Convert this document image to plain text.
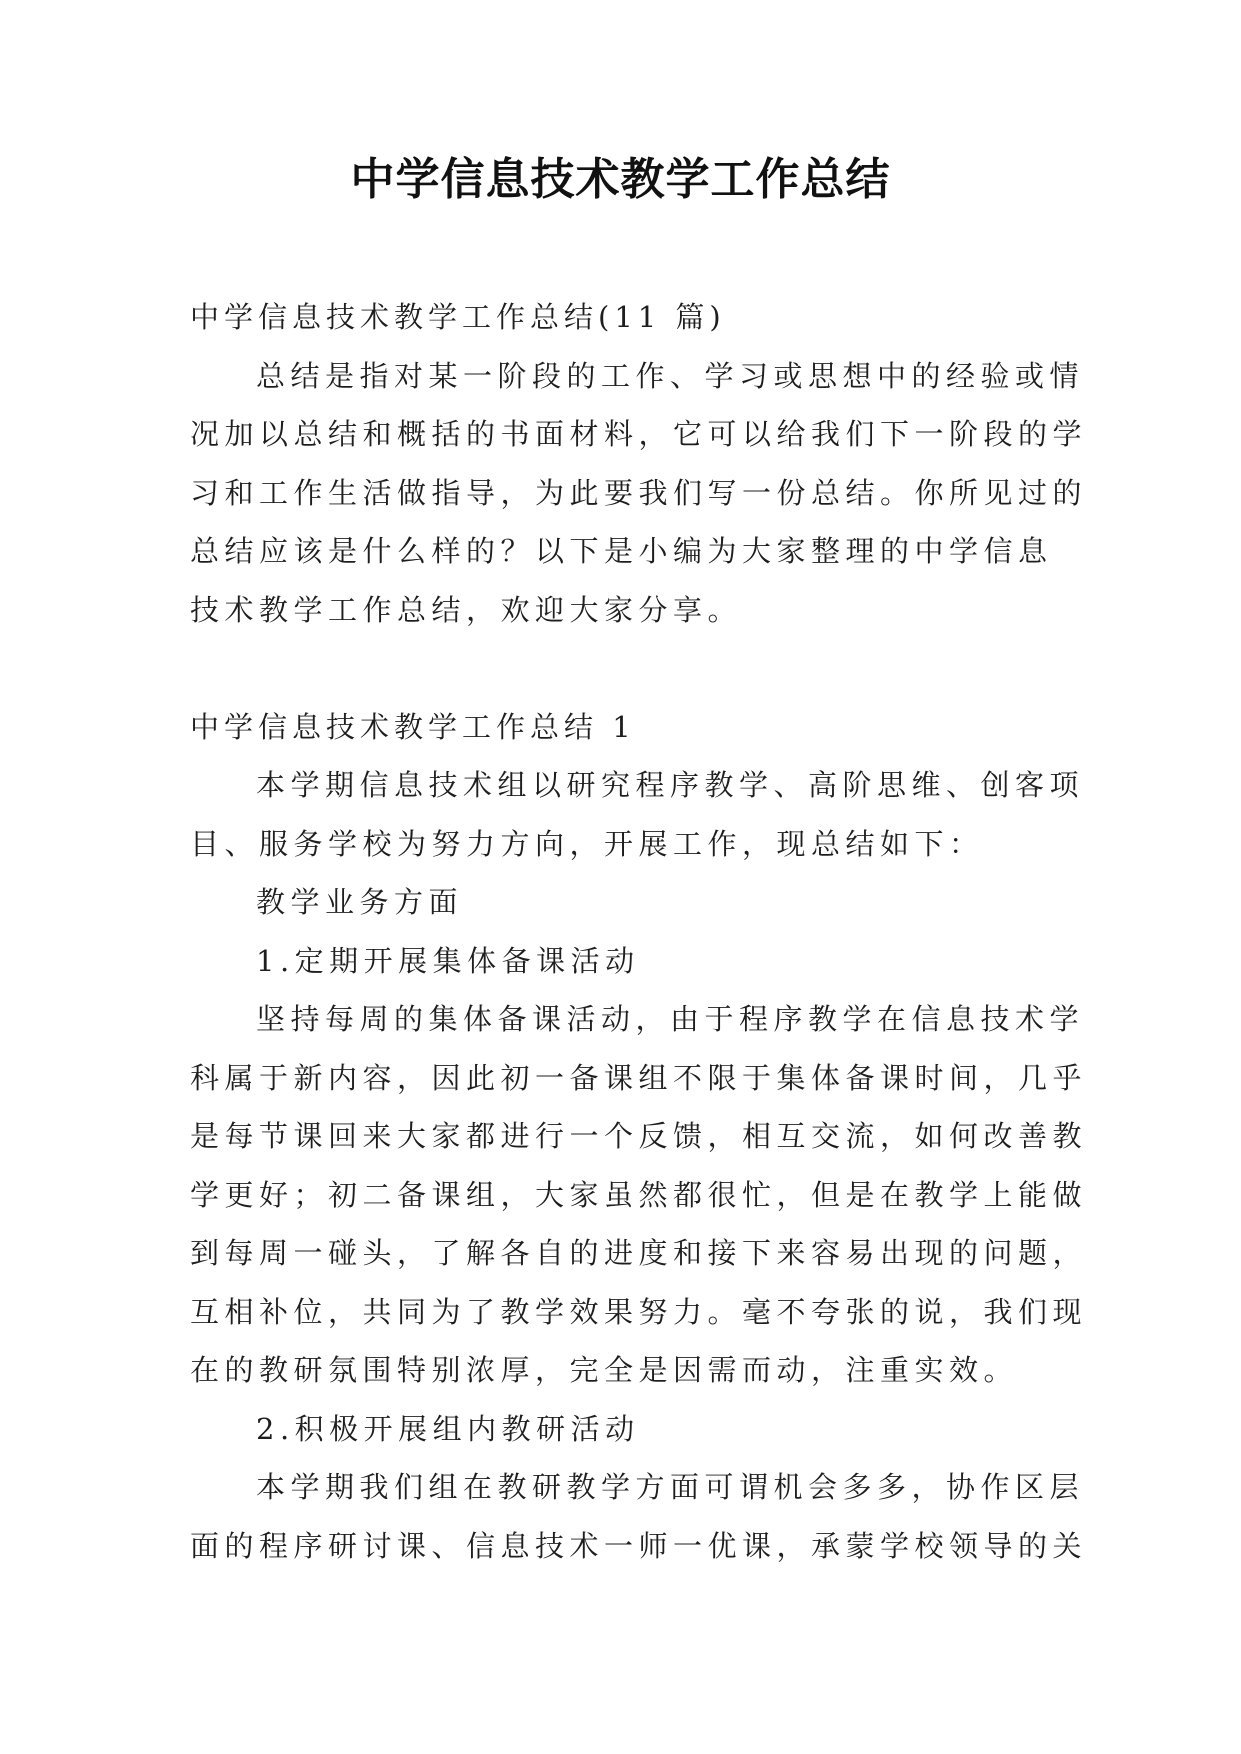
中学信息技术教学工作总结
中学信息技术教学工作总结(11 篇)
总结是指对某一阶段的工作、学习或思想中的经验或情
况加以总结和概括的书面材料，它可以给我们下一阶段的学
习和工作生活做指导，为此要我们写一份总结。你所见过的
总结应该是什么样的？以下是小编为大家整理的中学信息
技术教学工作总结，欢迎大家分享。
中学信息技术教学工作总结 1
本学期信息技术组以研究程序教学、高阶思维、创客项
目、服务学校为努力方向，开展工作，现总结如下：
教学业务方面
1.定期开展集体备课活动
坚持每周的集体备课活动，由于程序教学在信息技术学
科属于新内容，因此初一备课组不限于集体备课时间，几乎
是每节课回来大家都进行一个反馈，相互交流，如何改善教
学更好；初二备课组，大家虽然都很忙，但是在教学上能做
到每周一碰头，了解各自的进度和接下来容易出现的问题，
互相补位，共同为了教学效果努力。毫不夸张的说，我们现
在的教研氛围特别浓厚，完全是因需而动，注重实效。
2.积极开展组内教研活动
本学期我们组在教研教学方面可谓机会多多，协作区层
面的程序研讨课、信息技术一师一优课，承蒙学校领导的关
